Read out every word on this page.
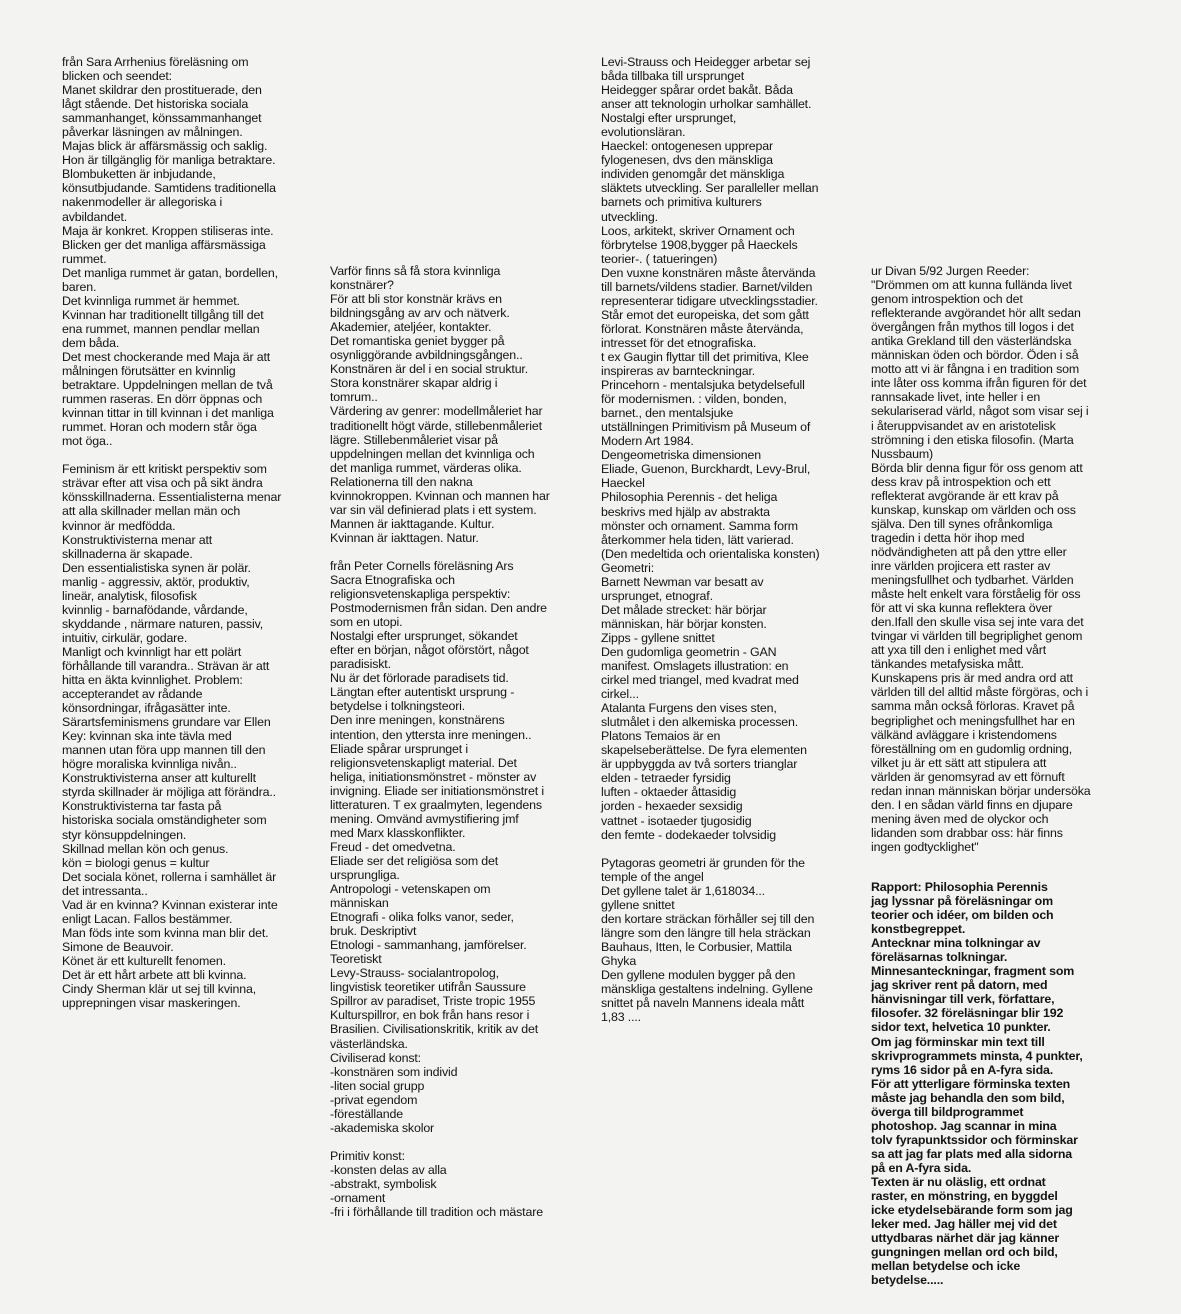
från Sara Arrhenius föreläsning om
blicken och seendet:
Manet skildrar den prostituerade, den
lågt stående. Det historiska sociala
sammanhanget, könssammanhanget
påverkar läsningen av målningen.
Majas blick är affärsmässig och saklig.
Hon är tillgänglig för manliga betraktare.
Blombuketten är inbjudande,
könsutbjudande. Samtidens traditionella
nakenmodeller är allegoriska i
avbildandet.
Maja är konkret. Kroppen stiliseras inte.
Blicken ger det manliga affärsmässiga
rummet.
Det manliga rummet är gatan, bordellen,
baren.
Det kvinnliga rummet är hemmet.
Kvinnan har traditionellt tillgång till det
ena rummet, mannen pendlar mellan
dem båda.
Det mest chockerande med Maja är att
målningen förutsätter en kvinnlig
betraktare. Uppdelningen mellan de två
rummen raseras. En dörr öppnas och
kvinnan tittar in till kvinnan i det manliga
rummet. Horan och modern står öga
mot öga..
Feminism är ett kritiskt perspektiv som
strävar efter att visa och på sikt ändra
könsskillnaderna. Essentialisterna menar
att alla skillnader mellan män och
kvinnor är medfödda.
Konstruktivisterna menar att
skillnaderna är skapade.
Den essentialistiska synen är polär.
manlig - aggressiv, aktör, produktiv,
lineär, analytisk, filosofisk
kvinnlig - barnafödande, vårdande,
skyddande , närmare naturen, passiv,
intuitiv, cirkulär, godare.
Manligt och kvinnligt har ett polärt
förhållande till varandra.. Strävan är att
hitta en äkta kvinnlighet. Problem:
accepterandet av rådande
könsordningar, ifrågasätter inte.
Särartsfeminismens grundare var Ellen
Key: kvinnan ska inte tävla med
mannen utan föra upp mannen till den
högre moraliska kvinnliga nivån..
Konstruktivisterna anser att kulturellt
styrda skillnader är möjliga att förändra..
Konstruktivisterna tar fasta på
historiska sociala omständigheter som
styr könsuppdelningen.
Skillnad mellan kön och genus.
kön = biologi genus = kultur
Det sociala könet, rollerna i samhället är
det intressanta..
Vad är en kvinna? Kvinnan existerar inte
enligt Lacan. Fallos bestämmer.
Man föds inte som kvinna man blir det.
Simone de Beauvoir.
Könet är ett kulturellt fenomen.
Det är ett hårt arbete att bli kvinna.
Cindy Sherman klär ut sej till kvinna,
upprepningen visar maskeringen.
Varför finns så få stora kvinnliga
konstnärer?
För att bli stor konstnär krävs en
bildningsgång av arv och nätverk.
Akademier, ateljéer, kontakter.
Det romantiska geniet bygger på
osynliggörande avbildningsgången..
Konstnären är del i en social struktur.
Stora konstnärer skapar aldrig i
tomrum..
Värdering av genrer: modellmåleriet har
traditionellt högt värde, stillebenmåleriet
lägre. Stillebenmåleriet visar på
uppdelningen mellan det kvinnliga och
det manliga rummet, värderas olika.
Relationerna till den nakna
kvinnokroppen. Kvinnan och mannen har
var sin väl definierad plats i ett system.
Mannen är iakttagande. Kultur.
Kvinnan är iakttagen. Natur.
från Peter Cornells föreläsning Ars
Sacra Etnografiska och
religionsvetenskapliga perspektiv:
Postmodernismen från sidan. Den andre
som en utopi.
Nostalgi efter ursprunget, sökandet
efter en början, något oförstört, något
paradisiskt.
Nu är det förlorade paradisets tid.
Längtan efter autentiskt ursprung -
betydelse i tolkningsteori.
Den inre meningen, konstnärens
intention, den yttersta inre meningen..
Eliade spårar ursprunget i
religionsvetenskapligt material. Det
heliga, initiationsmönstret - mönster av
invigning. Eliade ser initiationsmönstret i
litteraturen. T ex graalmyten, legendens
mening. Omvänd avmystifiering jmf
med Marx klasskonflikter.
Freud - det omedvetna.
Eliade ser det religiösa som det
ursprungliga.
Antropologi - vetenskapen om
människan
Etnografi - olika folks vanor, seder,
bruk. Deskriptivt
Etnologi - sammanhang, jamförelser.
Teoretiskt
Levy-Strauss- socialantropolog,
lingvistisk teoretiker utifrån Saussure
Spillror av paradiset, Triste tropic 1955
Kulturspillror, en bok från hans resor i
Brasilien. Civilisationskritik, kritik av det
västerländska.
Civiliserad konst:
-konstnären som individ
-liten social grupp
-privat egendom
-föreställande
-akademiska skolor
Primitiv konst:
-konsten delas av alla
-abstrakt, symbolisk
-ornament
-fri i förhållande till tradition och mästare
Levi-Strauss och Heidegger arbetar sej
båda tillbaka till ursprunget
Heidegger spårar ordet bakåt. Båda
anser att teknologin urholkar samhället.
Nostalgi efter ursprunget,
evolutionsläran.
Haeckel: ontogenesen upprepar
fylogenesen, dvs den mänskliga
individen genomgår det mänskliga
släktets utveckling. Ser paralleller mellan
barnets och primitiva kulturers
utveckling.
Loos, arkitekt, skriver Ornament och
förbrytelse 1908,bygger på Haeckels
teorier-. ( tatueringen)
Den vuxne konstnären måste återvända
till barnets/vildens stadier. Barnet/vilden
representerar tidigare utvecklingsstadier.
Står emot det europeiska, det som gått
förlorat. Konstnären måste återvända,
intresset för det etnografiska.
t ex Gaugin flyttar till det primitiva, Klee
inspireras av barnteckningar.
Princehorn - mentalsjuka betydelsefull
för modernismen. : vilden, bonden,
barnet., den mentalsjuke
utställningen Primitivism på Museum of
Modern Art 1984.
Dengeometriska dimensionen
Eliade, Guenon, Burckhardt, Levy-Brul,
Haeckel
Philosophia Perennis - det heliga
beskrivs med hjälp av abstrakta
mönster och ornament. Samma form
återkommer hela tiden, lätt varierad.
(Den medeltida och orientaliska konsten)
Geometri:
Barnett Newman var besatt av
ursprunget, etnograf.
Det målade strecket: här börjar
människan, här börjar konsten.
Zipps - gyllene snittet
Den gudomliga geometrin - GAN
manifest. Omslagets illustration: en
cirkel med triangel, med kvadrat med
cirkel...
Atalanta Furgens den vises sten,
slutmålet i den alkemiska processen.
Platons Temaios är en
skapelseberättelse. De fyra elementen
är uppbyggda av två sorters trianglar
elden - tetraeder fyrsidig
luften - oktaeder åttasidig
jorden - hexaeder sexsidig
vattnet - isotaeder tjugosidig
den femte - dodekaeder tolvsidig
Pytagoras geometri är grunden för the
temple of the angel
Det gyllene talet är 1,618034...
gyllene snittet
den kortare sträckan förhåller sej till den
längre som den längre till hela sträckan
Bauhaus, Itten, le Corbusier, Mattila
Ghyka
Den gyllene modulen bygger på den
mänskliga gestaltens indelning. Gyllene
snittet på naveln Mannens ideala mått
1,83 ....
ur Divan 5/92 Jurgen Reeder:
"Drömmen om att kunna fullända livet
genom introspektion och det
reflekterande avgörandet hör allt sedan
övergången från mythos till logos i det
antika Grekland till den västerländska
människan öden och bördor. Öden i så
motto att vi är fångna i en tradition som
inte låter oss komma ifrån figuren för det
rannsakade livet, inte heller i en
sekulariserad värld, något som visar sej i
i återuppvisandet av en aristotelisk
strömning i den etiska filosofin. (Marta
Nussbaum)
Börda blir denna figur för oss genom att
dess krav på introspektion och ett
reflekterat avgörande är ett krav på
kunskap, kunskap om världen och oss
själva. Den till synes ofrånkomliga
tragedin i detta hör ihop med
nödvändigheten att på den yttre eller
inre världen projicera ett raster av
meningsfullhet och tydbarhet. Världen
måste helt enkelt vara förståelig för oss
för att vi ska kunna reflektera över
den.Ifall den skulle visa sej inte vara det
tvingar vi världen till begriplighet genom
att yxa till den i enlighet med vårt
tänkandes metafysiska mått.
Kunskapens pris är med andra ord att
världen till del alltid måste förgöras, och i
samma mån också förloras. Kravet på
begriplighet och meningsfullhet har en
välkänd avläggare i kristendomens
föreställning om en gudomlig ordning,
vilket ju är ett sätt att stipulera att
världen är genomsyrad av ett förnuft
redan innan människan börjar undersöka
den. I en sådan värld finns en djupare
mening även med de olyckor och
lidanden som drabbar oss: här finns
ingen godtycklighet"
Rapport: Philosophia Perennis
jag lyssnar på föreläsningar om
teorier och idéer, om bilden och
konstbegreppet.
Antecknar mina tolkningar av
föreläsarnas tolkningar.
Minnesanteckningar, fragment som
jag skriver rent på datorn, med
hänvisningar till verk, författare,
filosofer. 32 föreläsningar blir 192
sidor text, helvetica 10 punkter.
Om jag förminskar min text till
skrivprogrammets minsta, 4 punkter,
ryms 16 sidor på en A-fyra sida.
För att ytterligare förminska texten
måste jag behandla den som bild,
överga till bildprogrammet
photoshop. Jag scannar in mina
tolv fyrapunktssidor och förminskar
sa att jag far plats med alla sidorna
på en A-fyra sida.
Texten är nu oläslig, ett ordnat
raster, en mönstring, en byggdel
icke etydelsebärande form som jag
leker med. Jag häller mej vid det
uttydbaras närhet där jag känner
gungningen mellan ord och bild,
mellan betydelse och icke
betydelse.....
